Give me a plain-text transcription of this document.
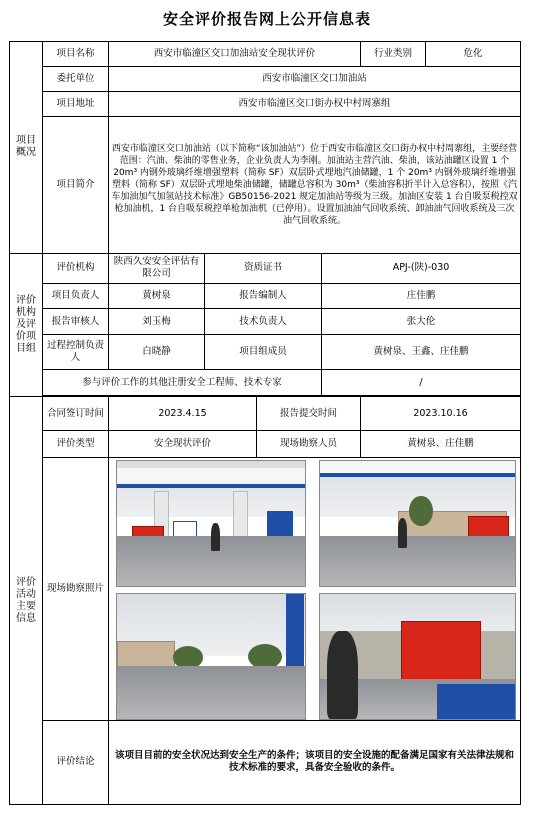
安全评价报告网上公开信息表
项目概况	项目名称	西安市临潼区交口加油站安全现状评价				行业类别	危化
	委托单位	西安市临潼区交口加油站					
	项目地址	西安市临潼区交口街办权中村周寨组					
	项目简介	西安市临潼区交口加油站（以下简称“该加油站”）位于西安市临潼区交口街办权中村周寨组，主要经营范围：汽油、柴油的零售业务，企业负责人为李刚。加油站主营汽油、柴油，该站油罐区设置 1 个 20m³ 内钢外玻璃纤维增强塑料（简称 SF）双层卧式埋地汽油储罐，1 个 20m³ 内钢外玻璃纤维增强塑料（简称 SF）双层卧式埋地柴油储罐，储罐总容积为 30m³（柴油容积折半计入总容积），按照《汽车加油加气加氢站技术标准》GB50156-2021 规定加油站等级为三级。加油区安装 1 台自吸泵税控双枪加油机，1 台自吸泵税控单枪加油机（已停用）。设置加油油气回收系统、卸油油气回收系统及三次油气回收系统。					
评价机构及评价项目组	评价机构	陕西久安安全评估有限公司	资质证书		APJ-(陕)-030		
	项目负责人	黄树泉	报告编制人		庄佳鹏		
	报告审核人	刘玉梅	技术负责人		张大伦		
	过程控制负责人	白晓静	项目组成员		黄树泉、王鑫、庄佳鹏		
	参与评价工作的其他注册安全工程师、技术专家				/		

评价活动主要信息	合同签订时间	2023.4.15		报告提交时间		2023.10.16	
	评价类型	安全现状评价		现场勘察人员		黄树泉、庄佳鹏	
	现场勘察照片						

	评价结论	该项目目前的安全状况达到安全生产的条件；该项目的安全设施的配备满足国家有关法律法规和技术标准的要求，具备安全验收的条件。					
